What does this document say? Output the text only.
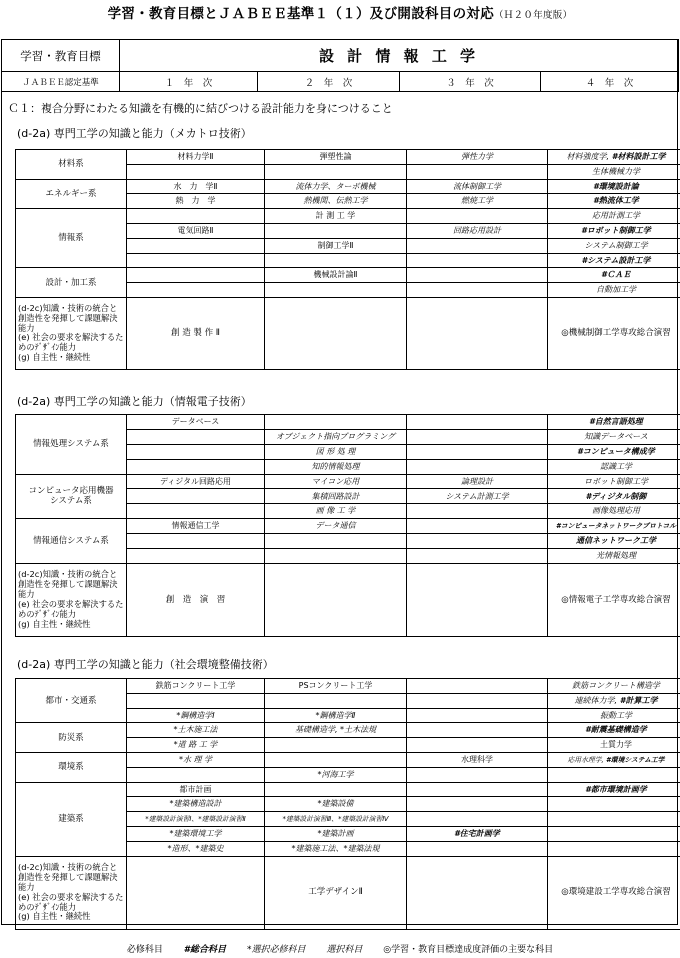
学習・教育目標とＪＡＢＥＥ基準１（１）及び開設科目の対応（Ｈ２０年度版）
学習・教育目標	設 計 情 報 工 学			
ＪＡＢＥＥ認定基準	１　年　次	２　年　次	３　年　次	４　年　次
Ｃ１：複合分野にわたる知識を有機的に結びつける設計能力を身につけること
(d-2a) 専門工学の知識と能力（メカトロ技術）
材料系	材料力学Ⅱ	弾塑性論	弾性力学	材料強度学, #材料設計工学
				生体機械力学
エネルギー系	水　力　学Ⅱ	流体力学、ターボ機械	流体制御工学	#環境設計論
	熱　力　学	熱機関、伝熱工学	燃焼工学	#熱流体工学
情報系		計 測 工 学		応用計測工学
	電気回路Ⅱ		回路応用設計	#ロボット制御工学
		制御工学Ⅱ		システム制御工学
				#システム設計工学
設計・加工系		機械設計論Ⅱ		#ＣＡＥ
				自動加工学
(d-2c)知識・技術の統合と創造性を発揮して課題解決能力
(e) 社会の要求を解決するためのﾃﾞｻﾞｲﾝ能力
(g) 自主性・継続性	創 造 製 作 Ⅱ			◎機械制御工学専攻総合演習
(d-2a) 専門工学の知識と能力（情報電子技術）
情報処理システム系	データベース			#自然言語処理
		オブジェクト指向プログラミング		知識データベース
		図 形 処 理		#コンピュータ構成学
		知的情報処理		認識工学
コンピュータ応用機器
システム系	ディジタル回路応用	マイコン応用	論理設計	ロボット制御工学
		集積回路設計	システム計測工学	#ディジタル制御
		画 像 工 学		画像処理応用
情報通信システム系	情報通信工学	データ通信		#コンピュータネットワークプロトコル
				通信ネットワーク工学
				光情報処理
(d-2c)知識・技術の統合と創造性を発揮して課題解決能力
(e) 社会の要求を解決するためのﾃﾞｻﾞｲﾝ能力
(g) 自主性・継続性	創　造　演　習			◎情報電子工学専攻総合演習
(d-2a) 専門工学の知識と能力（社会環境整備技術）
都市・交通系	鉄筋コンクリート工学	PSコンクリート工学		鉄筋コンクリート構造学
				連続体力学, #計算工学
	*鋼構造学Ⅰ	*鋼構造学Ⅱ		振動工学
防災系	*土木施工法	基礎構造学, *土木法規		#耐震基礎構造学
	*道 路 工 学			土質力学
環境系	*水 理 学		水理科学	応用水理学, #環境システム工学
		*河海工学		
建築系	都市計画			#都市環境計画学
	*建築構造設計	*建築設備		
	*建築設計演習Ⅰ、*建築設計演習Ⅱ	*建築設計演習Ⅲ、*建築設計演習Ⅳ		
	*建築環境工学	*建築計画	#住宅計画学	
	*造形、*建築史	*建築施工法、*建築法規		
(d-2c)知識・技術の統合と創造性を発揮して課題解決能力
(e) 社会の要求を解決するためのﾃﾞｻﾞｲﾝ能力
(g) 自主性・継続性		工学デザインⅡ		◎環境建設工学専攻総合演習
必修科目 #総合科目 *選択必修科目 選択科目 ◎学習・教育目標達成度評価の主要な科目
